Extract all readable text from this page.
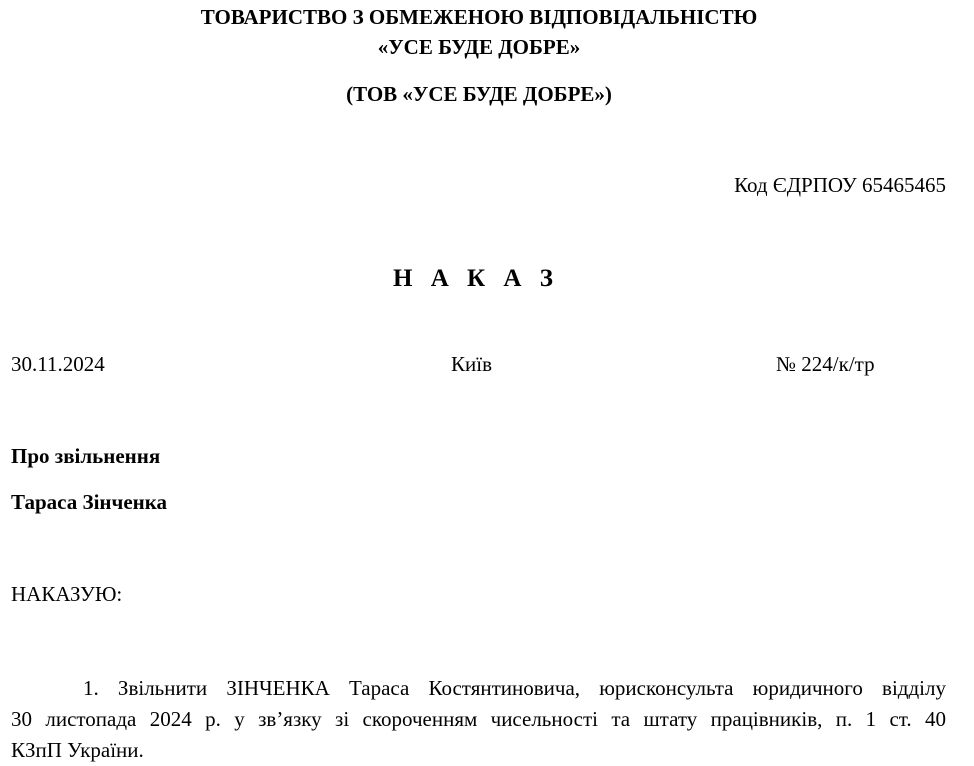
ТОВАРИСТВО З ОБМЕЖЕНОЮ ВІДПОВІДАЛЬНІСТЮ
«УСЕ БУДЕ ДОБРЕ»
(ТОВ «УСЕ БУДЕ ДОБРЕ»)
Код ЄДРПОУ 65465465
Н А К А З
30.11.2024	Київ	№ 224/к/тр
Про звільнення
Тараса Зінченка
НАКАЗУЮ:
1. Звільнити ЗІНЧЕНКА Тараса Костянтиновича, юрисконсульта юридичного відділу
30 листопада 2024 р. у зв’язку зі скороченням чисельності та штату працівників, п. 1 ст. 40
КЗпП України.
